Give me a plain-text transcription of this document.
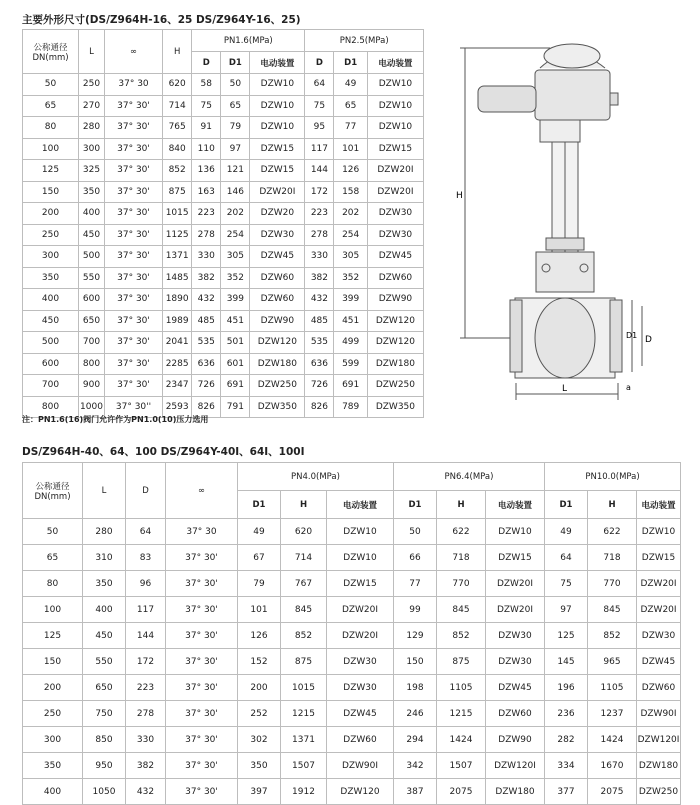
主要外形尺寸(DS/Z964H-16、25 DS/Z964Y-16、25)
公称通径
DN(mm)	L	∞	H	PN1.6(MPa)			PN2.5(MPa)		
				D	D1	电动装置	D	D1	电动装置
50	250	37° 30	620	58	50	DZW10	64	49	DZW10
65	270	37° 30'	714	75	65	DZW10	75	65	DZW10
80	280	37° 30'	765	91	79	DZW10	95	77	DZW10
100	300	37° 30'	840	110	97	DZW15	117	101	DZW15
125	325	37° 30'	852	136	121	DZW15	144	126	DZW20I
150	350	37° 30'	875	163	146	DZW20I	172	158	DZW20I
200	400	37° 30'	1015	223	202	DZW20	223	202	DZW30
250	450	37° 30'	1125	278	254	DZW30	278	254	DZW30
300	500	37° 30'	1371	330	305	DZW45	330	305	DZW45
350	550	37° 30'	1485	382	352	DZW60	382	352	DZW60
400	600	37° 30'	1890	432	399	DZW60	432	399	DZW90
450	650	37° 30'	1989	485	451	DZW90	485	451	DZW120
500	700	37° 30'	2041	535	501	DZW120	535	499	DZW120
600	800	37° 30'	2285	636	601	DZW180	636	599	DZW180
700	900	37° 30'	2347	726	691	DZW250	726	691	DZW250
800	1000	37° 30''	2593	826	791	DZW350	826	789	DZW350
注：PN1.6(16)阀门允许作为PN1.0(10)压力选用
H
D1 D
L	a
DS/Z964H-40、64、100 DS/Z964Y-40I、64I、100I
公称通径
DN(mm)	L	D	∞	PN4.0(MPa)			PN6.4(MPa)			PN10.0(MPa)		
				D1	H	电动装置	D1	H	电动装置	D1	H	电动装置
50	280	64	37° 30	49	620	DZW10	50	622	DZW10	49	622	DZW10
65	310	83	37° 30'	67	714	DZW10	66	718	DZW15	64	718	DZW15
80	350	96	37° 30'	79	767	DZW15	77	770	DZW20I	75	770	DZW20I
100	400	117	37° 30'	101	845	DZW20I	99	845	DZW20I	97	845	DZW20I
125	450	144	37° 30'	126	852	DZW20I	129	852	DZW30	125	852	DZW30
150	550	172	37° 30'	152	875	DZW30	150	875	DZW30	145	965	DZW45
200	650	223	37° 30'	200	1015	DZW30	198	1105	DZW45	196	1105	DZW60
250	750	278	37° 30'	252	1215	DZW45	246	1215	DZW60	236	1237	DZW90I
300	850	330	37° 30'	302	1371	DZW60	294	1424	DZW90	282	1424	DZW120I
350	950	382	37° 30'	350	1507	DZW90I	342	1507	DZW120I	334	1670	DZW180
400	1050	432	37° 30'	397	1912	DZW120	387	2075	DZW180	377	2075	DZW250
